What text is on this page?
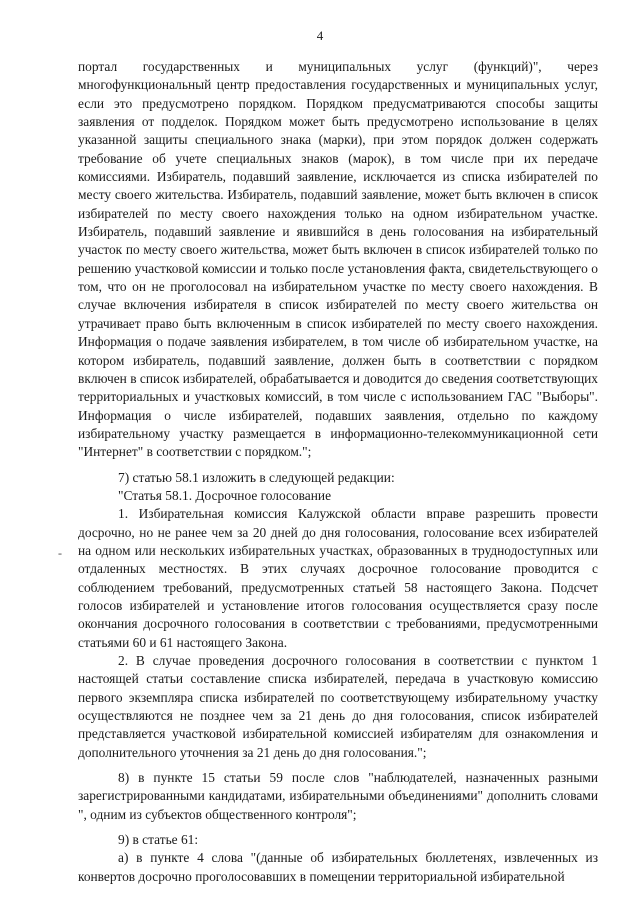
4
-

портал государственных и муниципальных услуг (функций)", через многофункциональный центр предоставления государственных и муниципальных услуг, если это предусмотрено порядком. Порядком предусматриваются способы защиты заявления от подделок. Порядком может быть предусмотрено использование в целях указанной защиты специального знака (марки), при этом порядок должен содержать требование об учете специальных знаков (марок), в том числе при их передаче комиссиями. Избиратель, подавший заявление, исключается из списка избирателей по месту своего жительства. Избиратель, подавший заявление, может быть включен в список избирателей по месту своего нахождения только на одном избирательном участке. Избиратель, подавший заявление и явившийся в день голосования на избирательный участок по месту своего жительства, может быть включен в список избирателей только по решению участковой комиссии и только после установления факта, свидетельствующего о том, что он не проголосовал на избирательном участке по месту своего нахождения. В случае включения избирателя в список избирателей по месту своего жительства он утрачивает право быть включенным в список избирателей по месту своего нахождения. Информация о подаче заявления избирателем, в том числе об избирательном участке, на котором избиратель, подавший заявление, должен быть в соответствии с порядком включен в список избирателей, обрабатывается и доводится до сведения соответствующих территориальных и участковых комиссий, в том числе с использованием ГАС "Выборы". Информация о числе избирателей, подавших заявления, отдельно по каждому избирательному участку размещается в информационно-телекоммуникационной сети "Интернет" в соответствии с порядком.";

7) статью 58.1 изложить в следующей редакции:

"Статья 58.1. Досрочное голосование

1. Избирательная комиссия Калужской области вправе разрешить провести досрочно, но не ранее чем за 20 дней до дня голосования, голосование всех избирателей на одном или нескольких избирательных участках, образованных в труднодоступных или отдаленных местностях. В этих случаях досрочное голосование проводится с соблюдением требований, предусмотренных статьей 58 настоящего Закона. Подсчет голосов избирателей и установление итогов голосования осуществляется сразу после окончания досрочного голосования в соответствии с требованиями, предусмотренными статьями 60 и 61 настоящего Закона.

2. В случае проведения досрочного голосования в соответствии с пунктом 1 настоящей статьи составление списка избирателей, передача в участковую комиссию первого экземпляра списка избирателей по соответствующему избирательному участку осуществляются не позднее чем за 21 день до дня голосования, список избирателей представляется участковой избирательной комиссией избирателям для ознакомления и дополнительного уточнения за 21 день до дня голосования.";

8) в пункте 15 статьи 59 после слов "наблюдателей, назначенных разными зарегистрированными кандидатами, избирательными объединениями" дополнить словами ", одним из субъектов общественного контроля";

9) в статье 61:

а) в пункте 4 слова "(данные об избирательных бюллетенях, извлеченных из конвертов досрочно проголосовавших в помещении территориальной избирательной
